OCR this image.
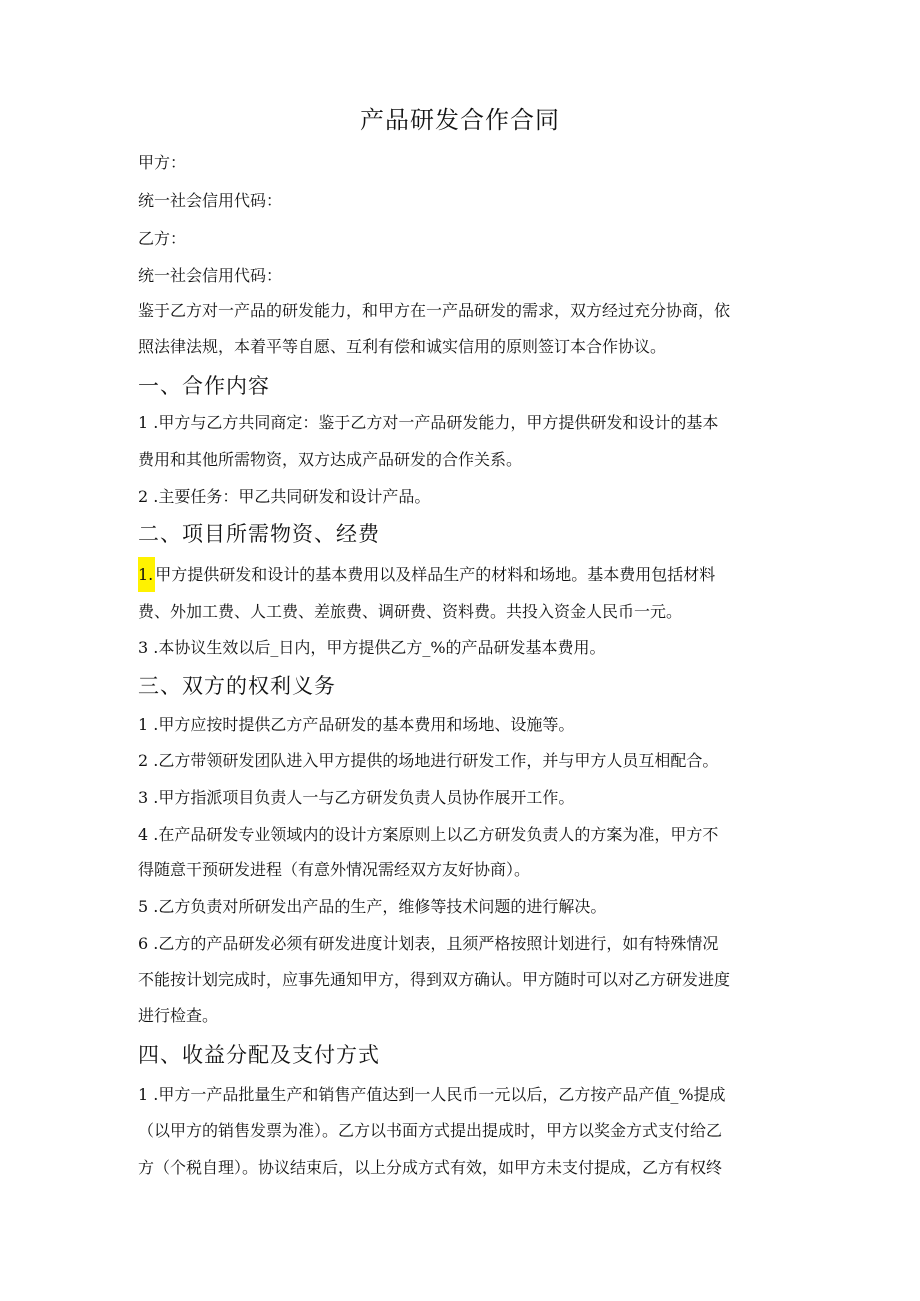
产品研发合作合同
甲方：
统一社会信用代码：
乙方：
统一社会信用代码：
鉴于乙方对一产品的研发能力，和甲方在一产品研发的需求，双方经过充分协商，依
照法律法规，本着平等自愿、互利有偿和诚实信用的原则签订本合作协议。
一、合作内容
1 .甲方与乙方共同商定：鉴于乙方对一产品研发能力，甲方提供研发和设计的基本
费用和其他所需物资，双方达成产品研发的合作关系。
2 .主要任务：甲乙共同研发和设计产品。
二、项目所需物资、经费
1. 甲方提供研发和设计的基本费用以及样品生产的材料和场地。基本费用包括材料
费、外加工费、人工费、差旅费、调研费、资料费。共投入资金人民币一元。
3 .本协议生效以后_日内，甲方提供乙方_%的产品研发基本费用。
三、双方的权利义务
1 .甲方应按时提供乙方产品研发的基本费用和场地、设施等。
2 .乙方带领研发团队进入甲方提供的场地进行研发工作，并与甲方人员互相配合。
3 .甲方指派项目负责人一与乙方研发负责人员协作展开工作。
4 .在产品研发专业领域内的设计方案原则上以乙方研发负责人的方案为准，甲方不
得随意干预研发进程（有意外情况需经双方友好协商）。
5 .乙方负责对所研发出产品的生产，维修等技术问题的进行解决。
6 .乙方的产品研发必须有研发进度计划表，且须严格按照计划进行，如有特殊情况
不能按计划完成时，应事先通知甲方，得到双方确认。甲方随时可以对乙方研发进度
进行检查。
四、收益分配及支付方式
1 .甲方一产品批量生产和销售产值达到一人民币一元以后，乙方按产品产值_%提成
（以甲方的销售发票为准）。乙方以书面方式提出提成时，甲方以奖金方式支付给乙
方（个税自理）。协议结束后，以上分成方式有效，如甲方未支付提成，乙方有权终
